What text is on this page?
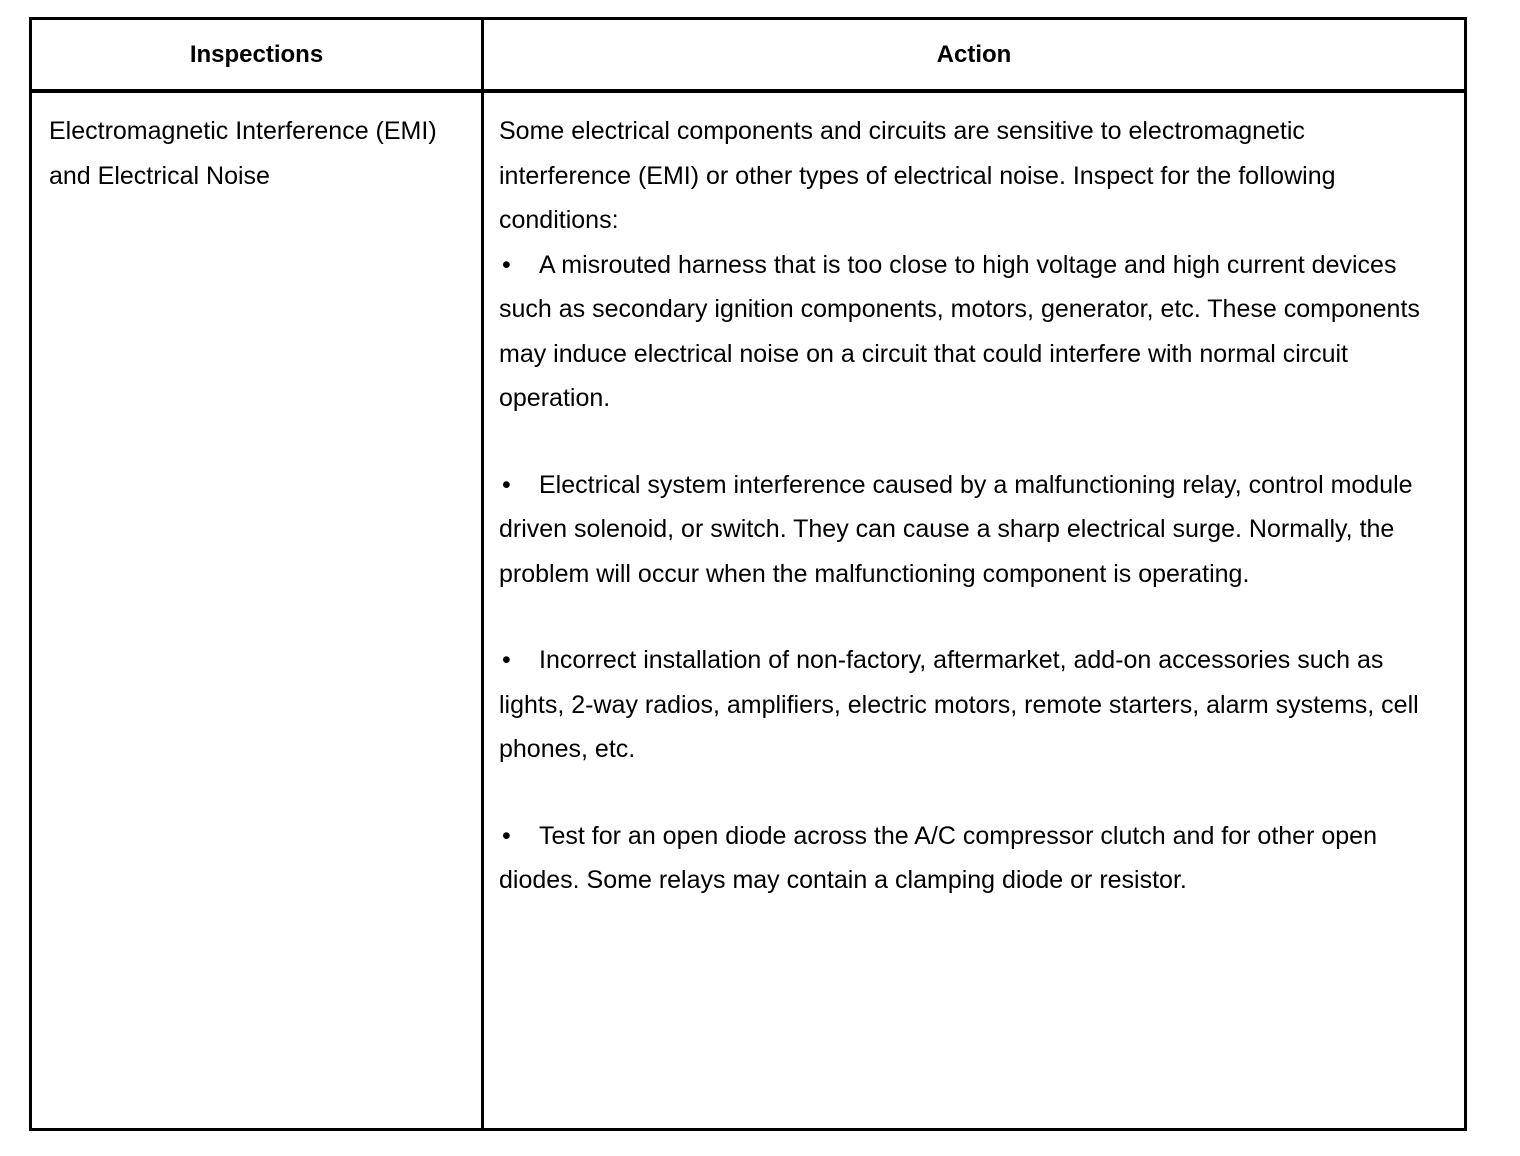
Inspections	Action
Electromagnetic Interference (EMI) and Electrical Noise

Some electrical components and circuits are sensitive to electromagnetic interference (EMI) or other types of electrical noise. Inspect for the following conditions:

• A misrouted harness that is too close to high voltage and high current devices such as secondary ignition components, motors, generator, etc. These components may induce electrical noise on a circuit that could interfere with normal circuit operation.
• Electrical system interference caused by a malfunctioning relay, control module driven solenoid, or switch. They can cause a sharp electrical surge. Normally, the problem will occur when the malfunctioning component is operating.
• Incorrect installation of non-factory, aftermarket, add-on accessories such as lights, 2-way radios, amplifiers, electric motors, remote starters, alarm systems, cell phones, etc.
• Test for an open diode across the A/C compressor clutch and for other open diodes. Some relays may contain a clamping diode or resistor.
